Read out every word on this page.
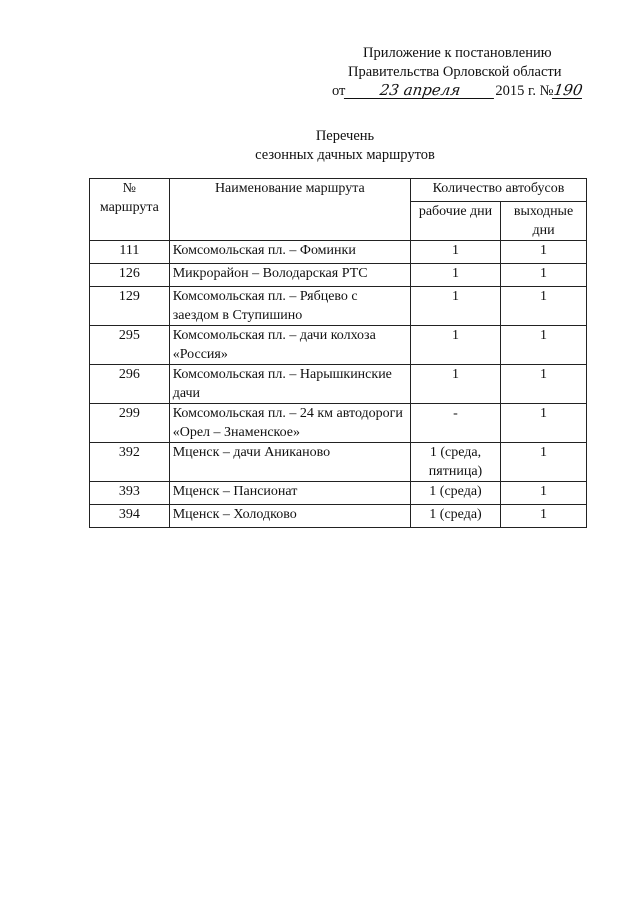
Приложение к постановлению
Правительства Орловской области
от 23 апреля 2015 г. №190
Перечень
сезонных дачных маршрутов
№ маршрута	Наименование маршрута	Количество автобусов	
		рабочие дни	выходные дни
111	Комсомольская пл. – Фоминки	1	1
126	Микрорайон – Володарская РТС	1	1
129	Комсомольская пл. – Рябцево с заездом в Ступишино	1	1
295	Комсомольская пл. – дачи колхоза «Россия»	1	1
296	Комсомольская пл. – Нарышкинские дачи	1	1
299	Комсомольская пл. – 24 км автодороги «Орел – Знаменское»	-	1
392	Мценск – дачи Аниканово	1 (среда, пятница)	1
393	Мценск – Пансионат	1 (среда)	1
394	Мценск – Холодково	1 (среда)	1
